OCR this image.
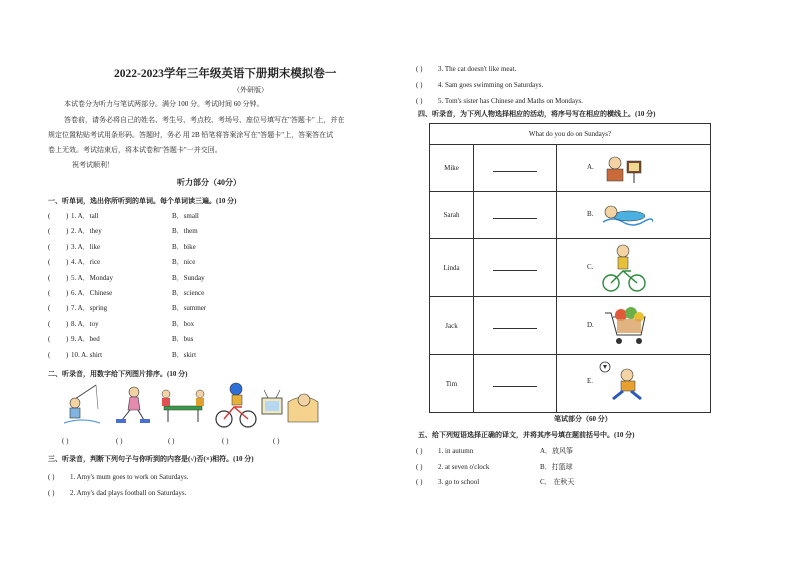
2022-2023学年三年级英语下册期末模拟卷一
（外研版）
本试卷分为听力与笔试两部分。满分 100 分。考试时间 60 分钟。
答卷前，请务必将自己的姓名、考生号、考点校、考场号、座位号填写在"答题卡" 上，并在
规定位置粘贴考试用条形码。答题时，务必 用 2B 铅笔将答案涂写在"答题卡"上，答案答在试
卷上无效。考试结束后，将本试卷和"答题卡"一并交回。
祝考试顺利！
听力部分（40分）
一、听单词，选出你所听到的单词。每个单词读三遍。(10 分)
( ) 1. A．tall	B．small
( ) 2. A．they	B．them
( ) 3. A．like	B．bike
( ) 4. A．rice	B．nice
( ) 5. A．Monday	B．Sunday
( ) 6. A．Chinese	B．science
( ) 7. A．spring	B．summer
( ) 8. A．toy	B．box
( ) 9. A．bed	B．bus
( ) 10. A. shirt	B．skirt
二、听录音，用数字给下列图片排序。(10 分)
( )	( )	( )	( )	( )
三、听录音，判断下列句子与你听到的内容是(√)否(×)相符。(10 分)
( ) 1. Amy's mum goes to work on Saturdays.
( ) 2. Amy's dad plays football on Saturdays.
( ) 3. The cat doesn't like meat.
( ) 4. Sam goes swimming on Saturdays.
( ) 5. Tom's sister has Chinese and Maths on Mondays.
四、听录音，为下列人物选择相应的活动，将序号写在相应的横线上。(10 分)
What do you do on Sundays?		
Mike		A.

Sarah		B.

Linda		C.

Jack		D.

Tim		E.
笔试部分（60 分）
五、给下列短语选择正确的译文，并将其序号填在题前括号中。(10 分)
( ) 1. in autumn	A．放风筝
( ) 2. at seven o'clock	B．打篮球
( ) 3. go to school	C． 在秋天
